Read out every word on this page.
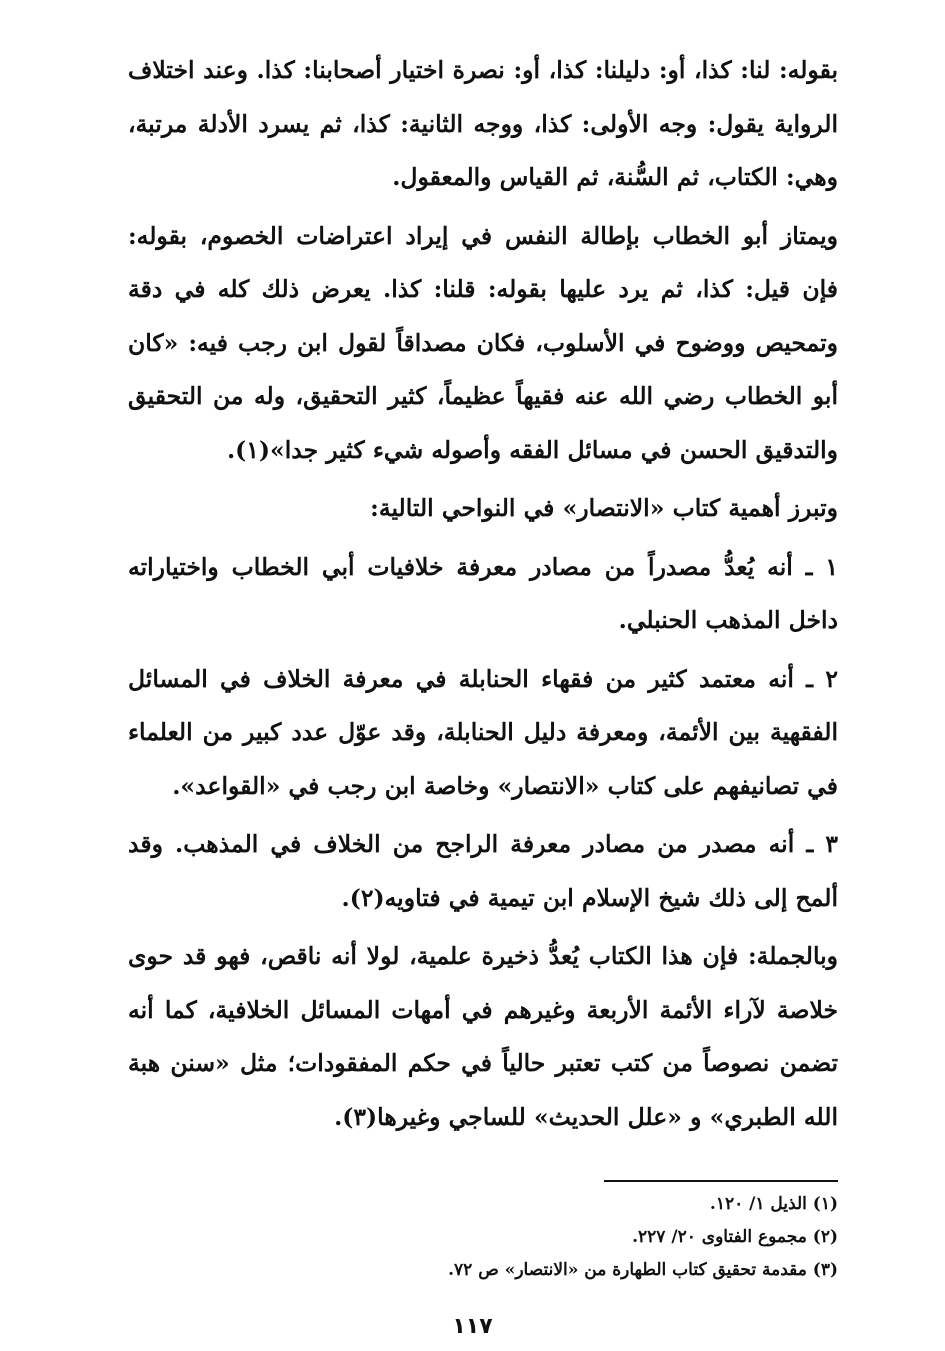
بقوله: لنا: كذا، أو: دليلنا: كذا، أو: نصرة اختيار أصحابنا: كذا. وعند اختلاف الرواية يقول: وجه الأولى: كذا، ووجه الثانية: كذا، ثم يسرد الأدلة مرتبة، وهي: الكتاب، ثم السُّنة، ثم القياس والمعقول.

ويمتاز أبو الخطاب بإطالة النفس في إيراد اعتراضات الخصوم، بقوله: فإن قيل: كذا، ثم يرد عليها بقوله: قلنا: كذا. يعرض ذلك كله في دقة وتمحيص ووضوح في الأسلوب، فكان مصداقاً لقول ابن رجب فيه: «كان أبو الخطاب رضي الله عنه فقيهاً عظيماً، كثير التحقيق، وله من التحقيق والتدقيق الحسن في مسائل الفقه وأصوله شيء كثير جدا»(١).

وتبرز أهمية كتاب «الانتصار» في النواحي التالية:

١ ـ أنه يُعدُّ مصدراً من مصادر معرفة خلافيات أبي الخطاب واختياراته داخل المذهب الحنبلي.

٢ ـ أنه معتمد كثير من فقهاء الحنابلة في معرفة الخلاف في المسائل الفقهية بين الأئمة، ومعرفة دليل الحنابلة، وقد عوّل عدد كبير من العلماء في تصانيفهم على كتاب «الانتصار» وخاصة ابن رجب في «القواعد».

٣ ـ أنه مصدر من مصادر معرفة الراجح من الخلاف في المذهب. وقد ألمح إلى ذلك شيخ الإسلام ابن تيمية في فتاويه(٢).

وبالجملة: فإن هذا الكتاب يُعدُّ ذخيرة علمية، لولا أنه ناقص، فهو قد حوى خلاصة لآراء الأئمة الأربعة وغيرهم في أمهات المسائل الخلافية، كما أنه تضمن نصوصاً من كتب تعتبر حالياً في حكم المفقودات؛ مثل «سنن هبة الله الطبري» و «علل الحديث» للساجي وغيرها(٣).

(١) الذيل ١/ ١٢٠.
(٢) مجموع الفتاوى ٢٠/ ٢٢٧.
(٣) مقدمة تحقيق كتاب الطهارة من «الانتصار» ص ٧٢.
١١٧
